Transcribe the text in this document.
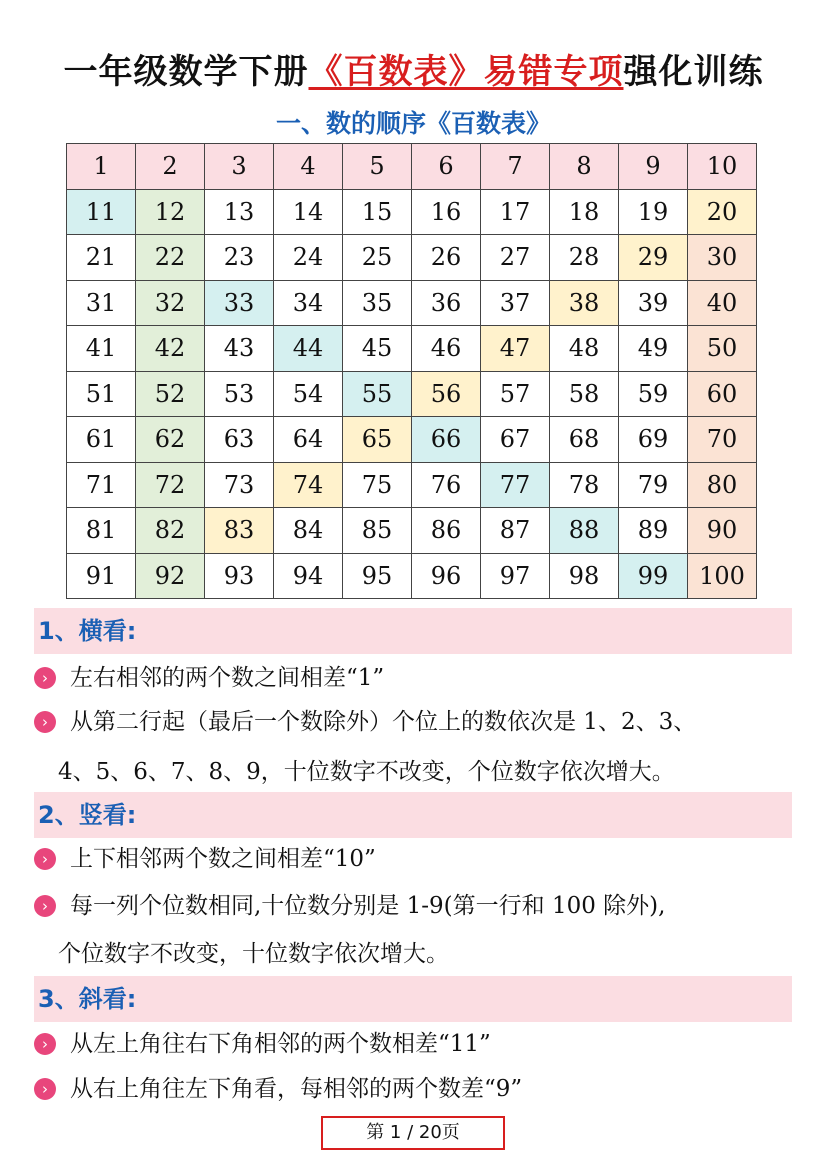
一年级数学下册《百数表》易错专项强化训练
一、数的顺序《百数表》
1	2	3	4	5	6	7	8	9	10
11	12	13	14	15	16	17	18	19	20
21	22	23	24	25	26	27	28	29	30
31	32	33	34	35	36	37	38	39	40
41	42	43	44	45	46	47	48	49	50
51	52	53	54	55	56	57	58	59	60
61	62	63	64	65	66	67	68	69	70
71	72	73	74	75	76	77	78	79	80
81	82	83	84	85	86	87	88	89	90
91	92	93	94	95	96	97	98	99	100
1、横看:
› 左右相邻的两个数之间相差“1”
› 从第二行起（最后一个数除外）个位上的数依次是 1、2、3、
4、5、6、7、8、9，十位数字不改变，个位数字依次增大。
2、竖看:
› 上下相邻两个数之间相差“10”
› 每一列个位数相同,十位数分别是 1-9(第一行和 100 除外),
个位数字不改变，十位数字依次增大。
3、斜看:
› 从左上角往右下角相邻的两个数相差“11”
› 从右上角往左下角看，每相邻的两个数差“9”
第 1 / 20页
